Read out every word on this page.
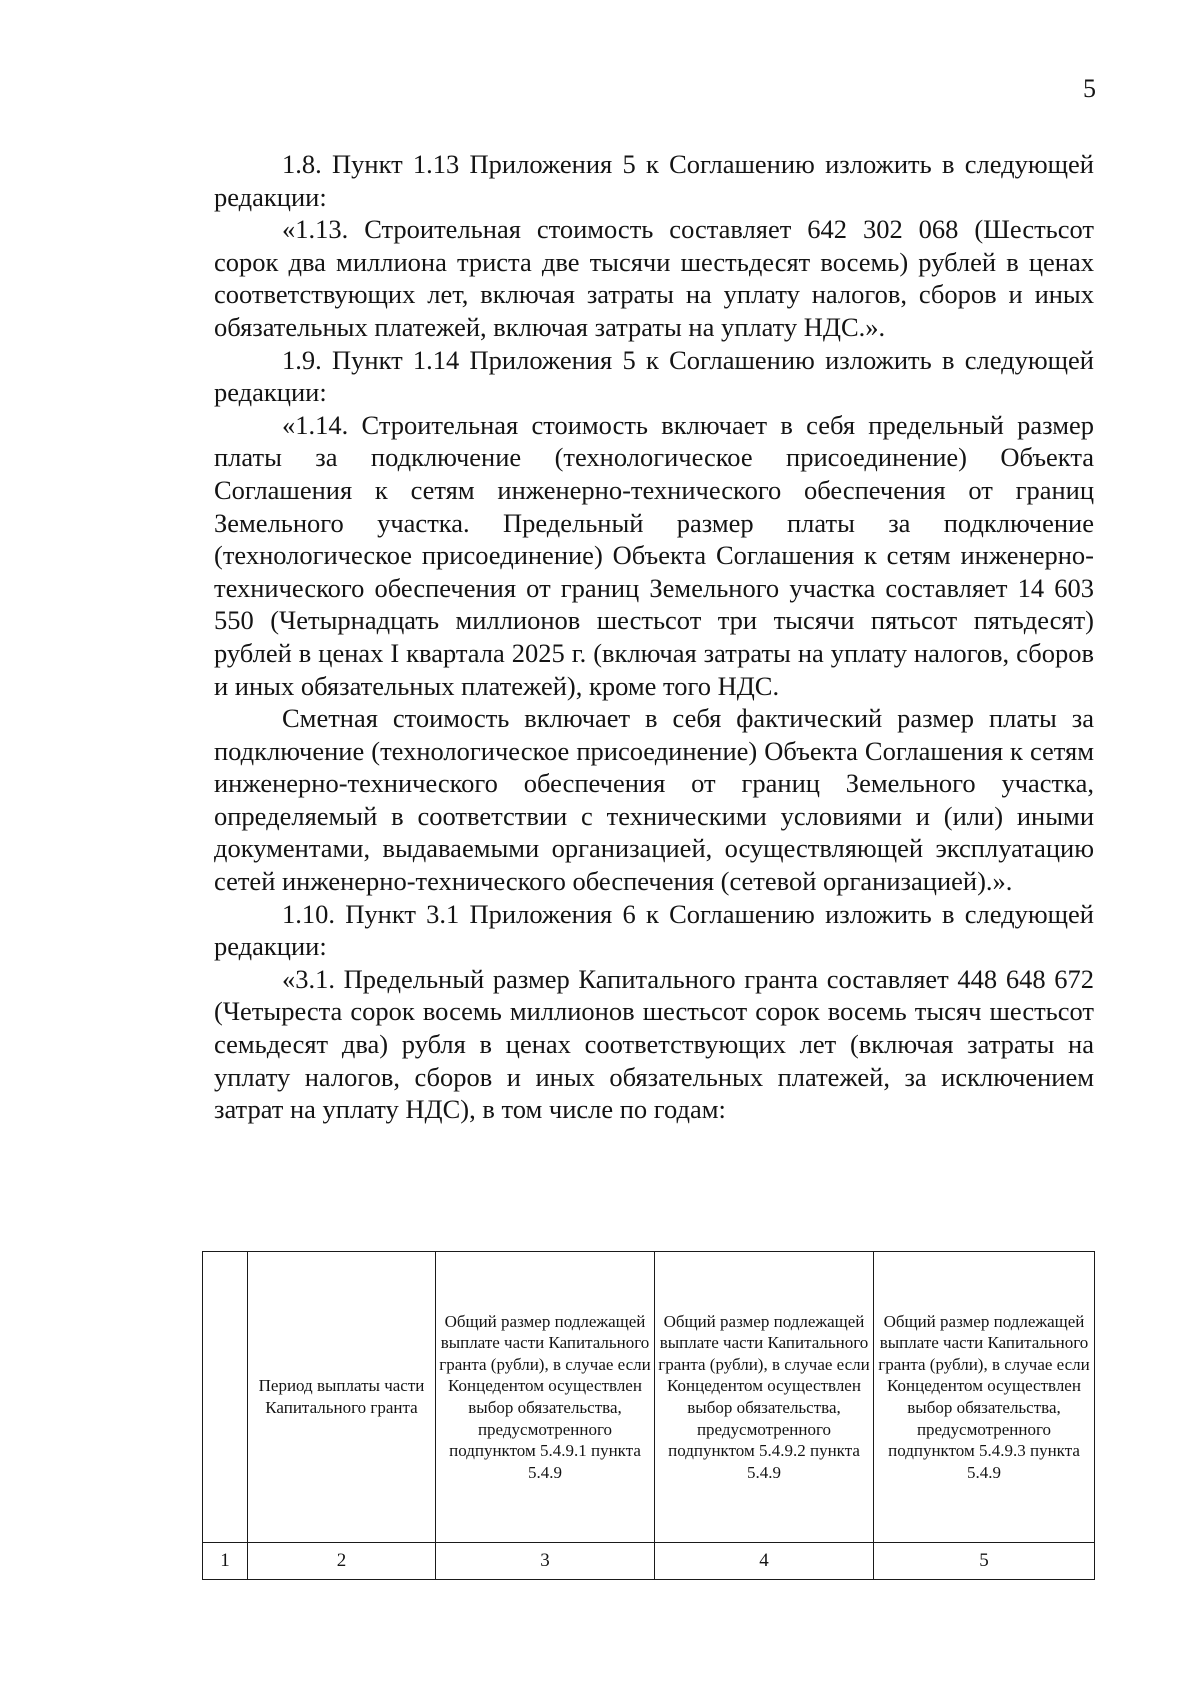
5

1.8. Пункт 1.13 Приложения 5 к Соглашению изложить в следующей редакции:

«1.13. Строительная стоимость составляет 642 302 068 (Шестьсот сорок два миллиона триста две тысячи шестьдесят восемь) рублей в ценах соответствующих лет, включая затраты на уплату налогов, сборов и иных обязательных платежей, включая затраты на уплату НДС.».

1.9. Пункт 1.14 Приложения 5 к Соглашению изложить в следующей редакции:

«1.14. Строительная стоимость включает в себя предельный размер платы за подключение (технологическое присоединение) Объекта Соглашения к сетям инженерно-технического обеспечения от границ Земельного участка. Предельный размер платы за подключение (технологическое присоединение) Объекта Соглашения к сетям инженерно-технического обеспечения от границ Земельного участка составляет 14 603 550 (Четырнадцать миллионов шестьсот три тысячи пятьсот пятьдесят) рублей в ценах I квартала 2025 г. (включая затраты на уплату налогов, сборов и иных обязательных платежей), кроме того НДС.

Сметная стоимость включает в себя фактический размер платы за подключение (технологическое присоединение) Объекта Соглашения к сетям инженерно-технического обеспечения от границ Земельного участка, определяемый в соответствии с техническими условиями и (или) иными документами, выдаваемыми организацией, осуществляющей эксплуатацию сетей инженерно-технического обеспечения (сетевой организацией).».

1.10. Пункт 3.1 Приложения 6 к Соглашению изложить в следующей редакции:

«3.1. Предельный размер Капитального гранта составляет 448 648 672 (Четыреста сорок восемь миллионов шестьсот сорок восемь тысяч шестьсот семьдесят два) рубля в ценах соответствующих лет (включая затраты на уплату налогов, сборов и иных обязательных платежей, за исключением затрат на уплату НДС), в том числе по годам:

	Период выплаты части Капитального гранта	Общий размер подлежащей выплате части Капитального гранта (рубли), в случае если Концедентом осуществлен выбор обязательства, предусмотренного подпунктом 5.4.9.1 пункта 5.4.9	Общий размер подлежащей выплате части Капитального гранта (рубли), в случае если Концедентом осуществлен выбор обязательства, предусмотренного подпунктом 5.4.9.2 пункта 5.4.9	Общий размер подлежащей выплате части Капитального гранта (рубли), в случае если Концедентом осуществлен выбор обязательства, предусмотренного подпунктом 5.4.9.3 пункта 5.4.9
1	2	3	4	5
